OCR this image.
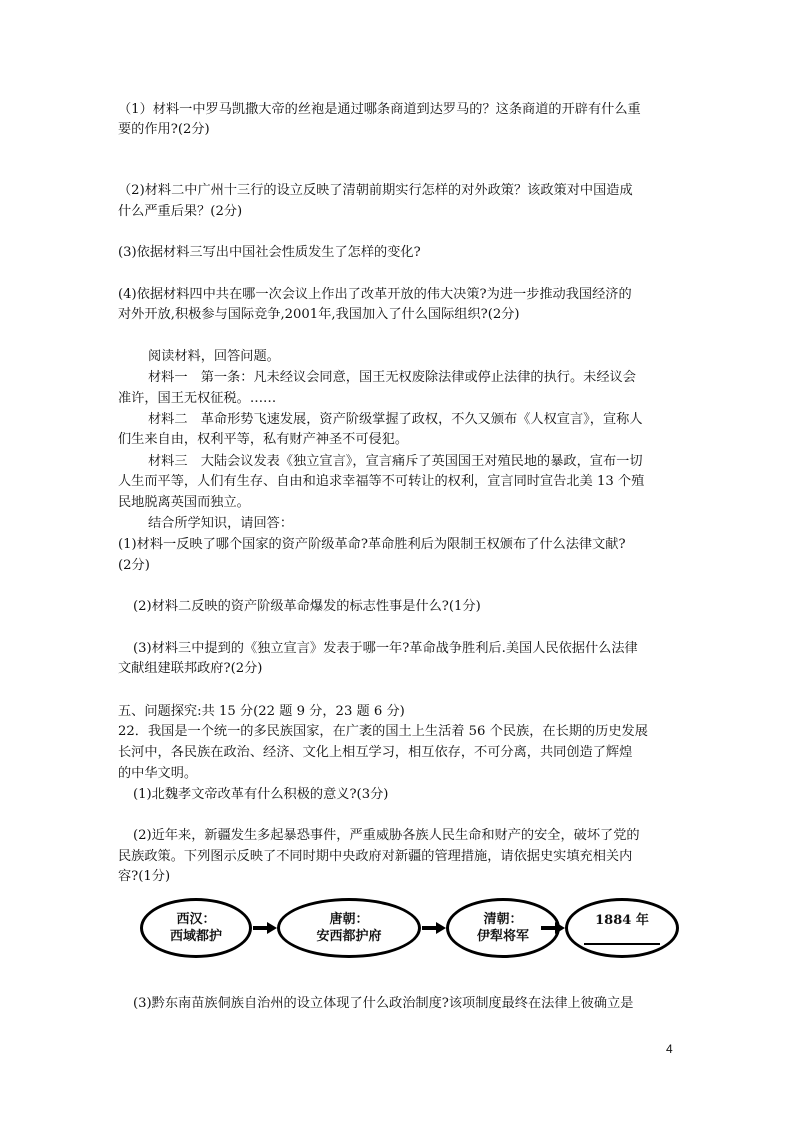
（1）材料一中罗马凯撒大帝的丝袍是通过哪条商道到达罗马的？这条商道的开辟有什么重
要的作用?(2分)
（2)材料二中广州十三行的设立反映了清朝前期实行怎样的对外政策？该政策对中国造成
什么严重后果？(2分)
(3)依据材料三写出中国社会性质发生了怎样的变化?
(4)依据材料四中共在哪一次会议上作出了改革开放的伟大决策?为进一步推动我国经济的
对外开放,积极参与国际竞争,2001年,我国加入了什么国际组织?(2分)
阅读材料，回答问题。
材料一　第一条：凡未经议会同意，国王无权废除法律或停止法律的执行。未经议会
准许，国王无权征税。……
材料二　革命形势飞速发展，资产阶级掌握了政权，不久又颁布《人权宣言》，宣称人
们生来自由，权利平等，私有财产神圣不可侵犯。
材料三　大陆会议发表《独立宣言》，宣言痛斥了英国国王对殖民地的暴政，宣布一切
人生而平等，人们有生存、自由和追求幸福等不可转让的权利，宣言同时宣告北美 13 个殖
民地脱离英国而独立。
结合所学知识，请回答：
(1)材料一反映了哪个国家的资产阶级革命?革命胜利后为限制王权颁布了什么法律文献?
(2分)
(2)材料二反映的资产阶级革命爆发的标志性事是什么?(1分)
(3)材料三中提到的《独立宣言》发表于哪一年?革命战争胜利后.美国人民依据什么法律
文献组建联邦政府?(2分)
五、问题探究:共 15 分(22 题 9 分，23 题 6 分)
22．我国是一个统一的多民族国家，在广袤的国土上生活着 56 个民族，在长期的历史发展
长河中，各民族在政治、经济、文化上相互学习，相互依存，不可分离，共同创造了辉煌
的中华文明。
(1)北魏孝文帝改革有什么积极的意义?(3分)
(2)近年来，新疆发生多起暴恐事件，严重威胁各族人民生命和财产的安全，破坏了党的
民族政策。下列图示反映了不同时期中央政府对新疆的管理措施，请依据史实填充相关内
容?(1分)
西汉：
西域都护
唐朝：
安西都护府
清朝：
伊犁将军
1884 年
(3)黔东南苗族侗族自治州的设立体现了什么政治制度?该项制度最终在法律上彼确立是
4
